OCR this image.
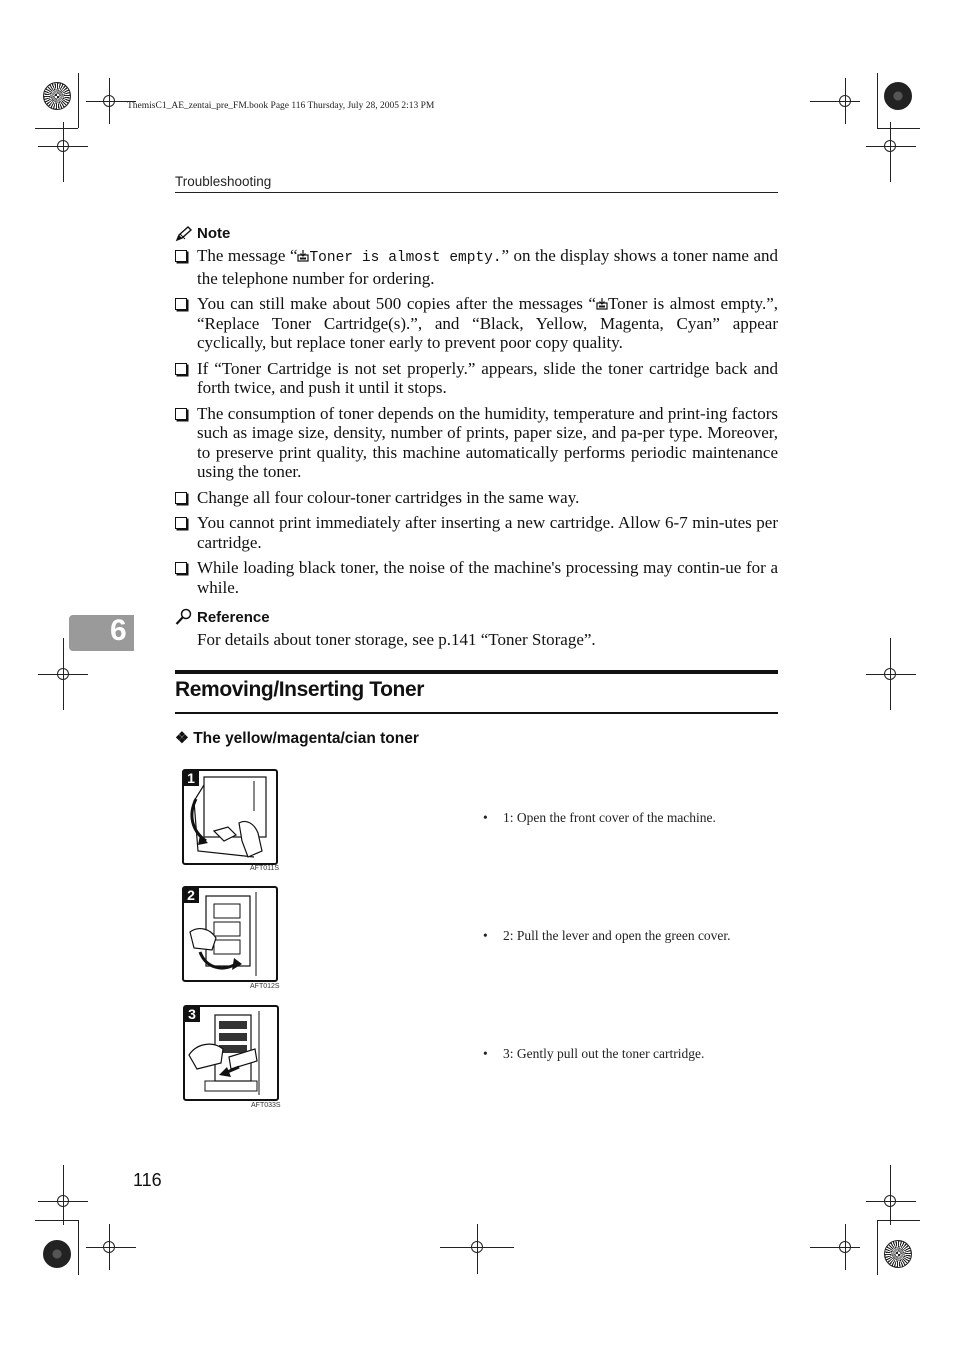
ThemisC1_AE_zentai_pre_FM.book Page 116 Thursday, July 28, 2005 2:13 PM
Troubleshooting
Note
The message “ Toner is almost empty.” on the display shows a toner name and the telephone number for ordering.
You can still make about 500 copies after the messages “ Toner is almost empty.”, “Replace Toner Cartridge(s).”, and “Black, Yellow, Magenta, Cyan” appear cyclically, but replace toner early to prevent poor copy quality.
If “Toner Cartridge is not set properly.” appears, slide the toner cartridge back and forth twice, and push it until it stops.
The consumption of toner depends on the humidity, temperature and print-ing factors such as image size, density, number of prints, paper size, and pa-per type. Moreover, to preserve print quality, this machine automatically performs periodic maintenance using the toner.
Change all four colour-toner cartridges in the same way.
You cannot print immediately after inserting a new cartridge. Allow 6-7 min-utes per cartridge.
While loading black toner, the noise of the machine's processing may contin-ue for a while.
Reference
For details about toner storage, see p.141 “Toner Storage”.
6
Removing/Inserting Toner
❖ The yellow/magenta/cian toner
1
AFT011S
• 1: Open the front cover of the machine.
2
AFT012S
• 2: Pull the lever and open the green cover.
3
AFT033S
• 3: Gently pull out the toner cartridge.
116
